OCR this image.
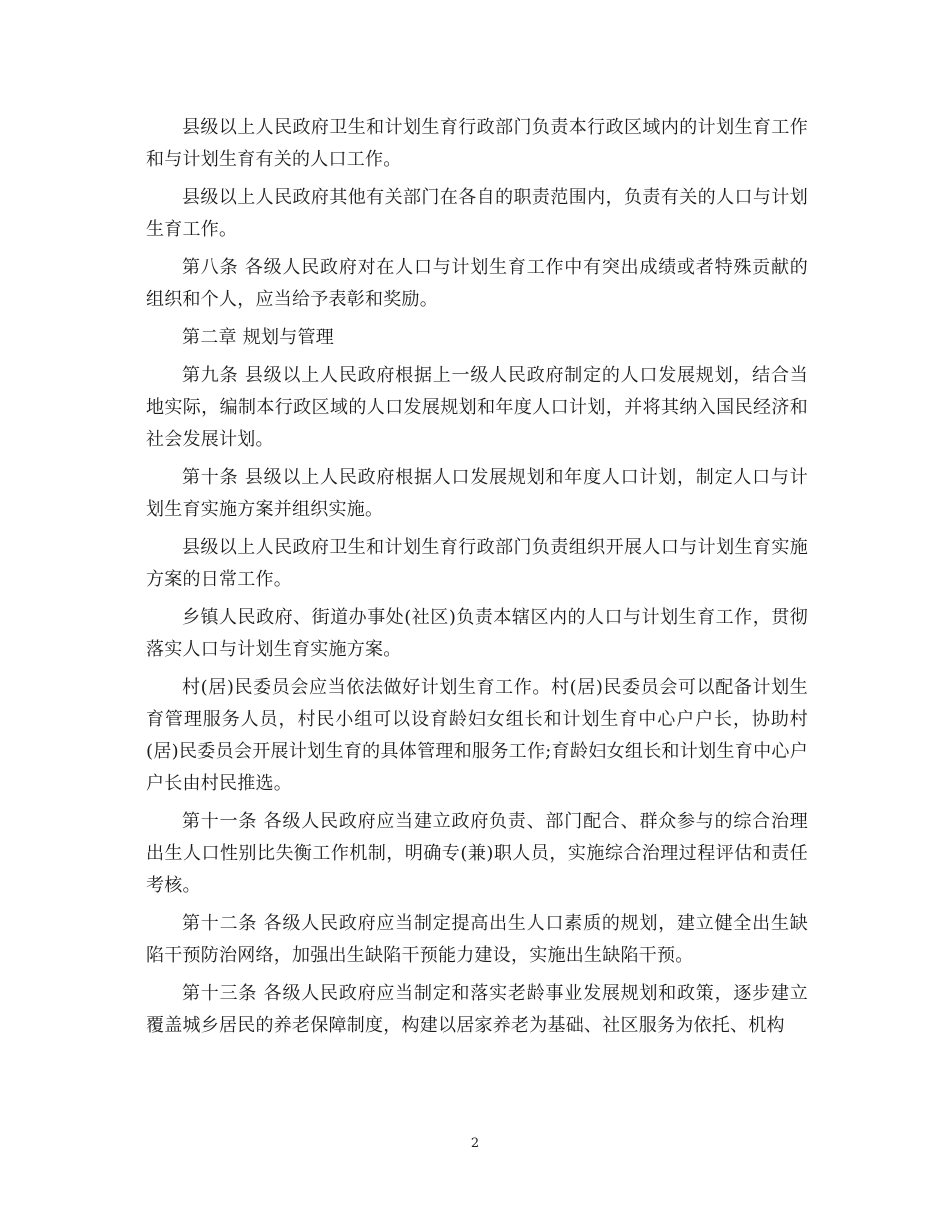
县级以上人民政府卫生和计划生育行政部门负责本行政区域内的计划生育工作和与计划生育有关的人口工作。

县级以上人民政府其他有关部门在各自的职责范围内，负责有关的人口与计划生育工作。

第八条 各级人民政府对在人口与计划生育工作中有突出成绩或者特殊贡献的组织和个人，应当给予表彰和奖励。

第二章 规划与管理

第九条 县级以上人民政府根据上一级人民政府制定的人口发展规划，结合当地实际，编制本行政区域的人口发展规划和年度人口计划，并将其纳入国民经济和社会发展计划。

第十条 县级以上人民政府根据人口发展规划和年度人口计划，制定人口与计划生育实施方案并组织实施。

县级以上人民政府卫生和计划生育行政部门负责组织开展人口与计划生育实施方案的日常工作。

乡镇人民政府、街道办事处(社区)负责本辖区内的人口与计划生育工作，贯彻落实人口与计划生育实施方案。

村(居)民委员会应当依法做好计划生育工作。村(居)民委员会可以配备计划生育管理服务人员，村民小组可以设育龄妇女组长和计划生育中心户户长，协助村(居)民委员会开展计划生育的具体管理和服务工作;育龄妇女组长和计划生育中心户户长由村民推选。

第十一条 各级人民政府应当建立政府负责、部门配合、群众参与的综合治理出生人口性别比失衡工作机制，明确专(兼)职人员，实施综合治理过程评估和责任考核。

第十二条 各级人民政府应当制定提高出生人口素质的规划，建立健全出生缺陷干预防治网络，加强出生缺陷干预能力建设，实施出生缺陷干预。

第十三条 各级人民政府应当制定和落实老龄事业发展规划和政策，逐步建立覆盖城乡居民的养老保障制度，构建以居家养老为基础、社区服务为依托、机构

2
